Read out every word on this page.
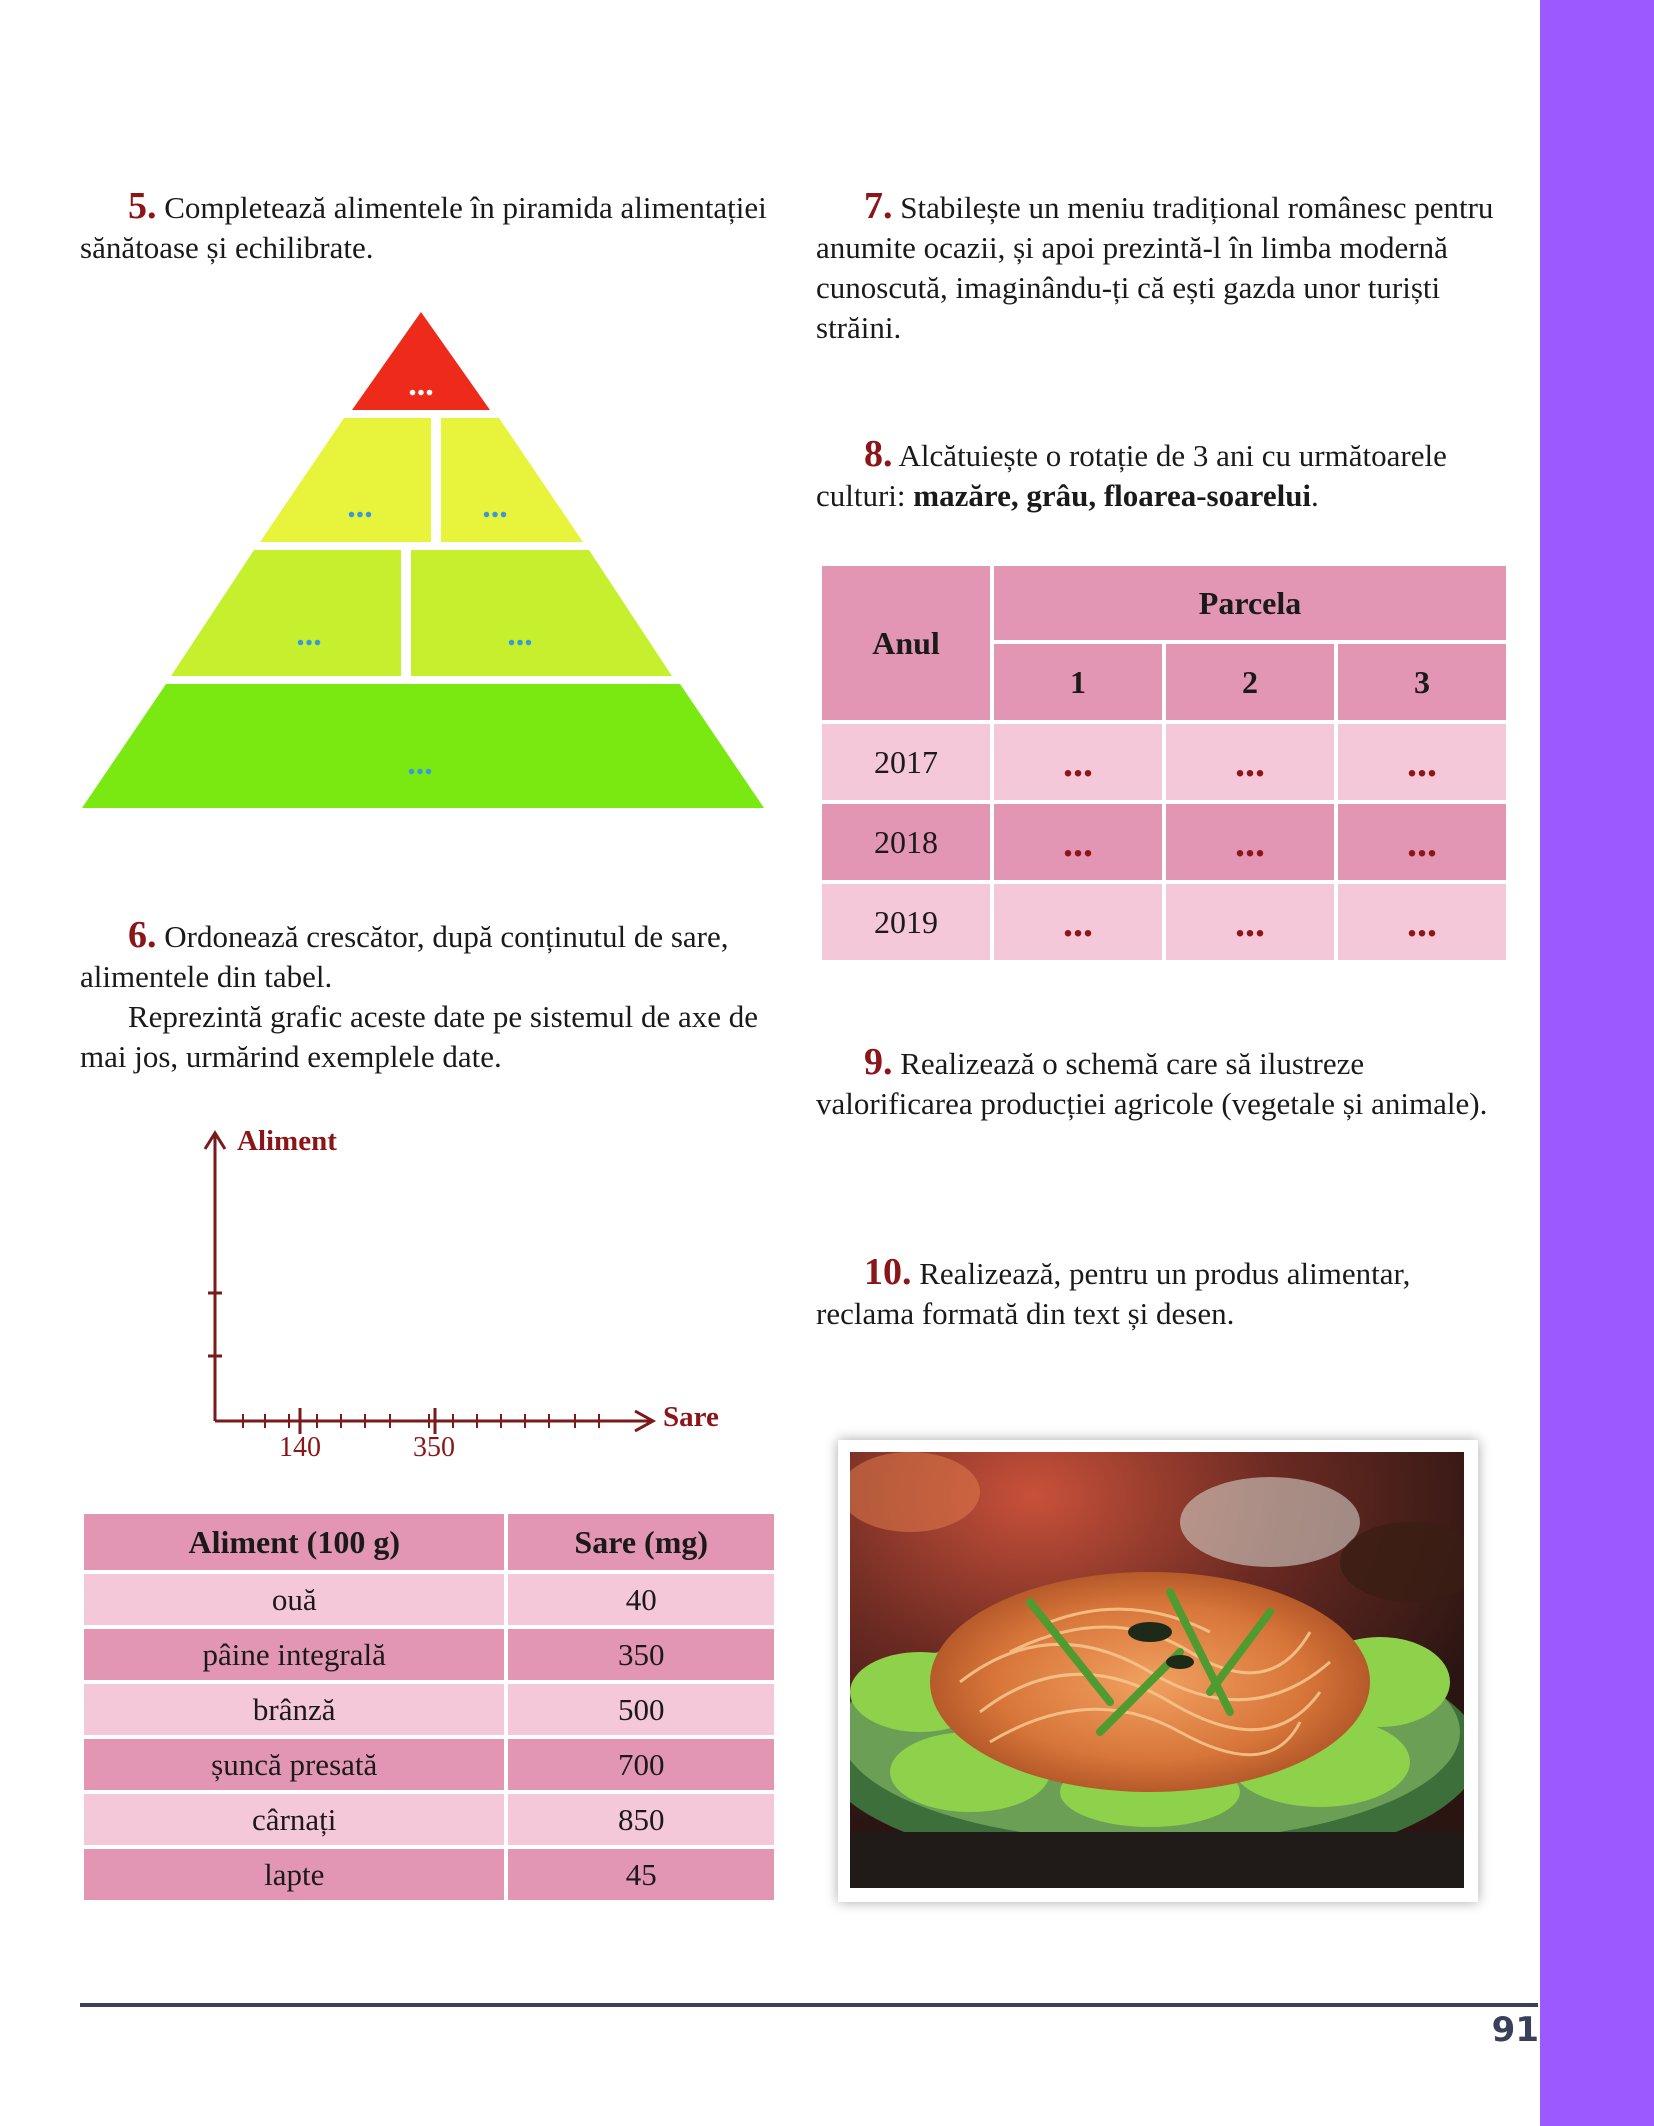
5. Completează alimentele în piramida alimentației sănătoase și echilibrate.

...
...	...
...	...
...

6. Ordonează crescător, după conținutul de sare, alimentele din tabel.

Reprezintă grafic aceste date pe sistemul de axe de mai jos, urmărind exemplele date.

Aliment
Sare
140	350
Aliment (100 g)	Sare (mg)
ouă	40
pâine integrală	350
brânză	500
șuncă presată	700
cârnați	850
lapte	45

7. Stabilește un meniu tradițional românesc pentru anumite ocazii, și apoi prezintă-l în limba modernă cunoscută, imaginându-ți că ești gazda unor turiști străini.

8. Alcătuiește o rotație de 3 ani cu următoarele culturi: mazăre, grâu, floarea-soarelui.

Anul	Parcela		
	1	2	3
2017	...	...	...
2018	...	...	...
2019	...	...	...

9. Realizează o schemă care să ilustreze valorificarea producției agricole (vegetale și animale).

10. Realizează, pentru un produs alimentar, reclama formată din text și desen.

91
